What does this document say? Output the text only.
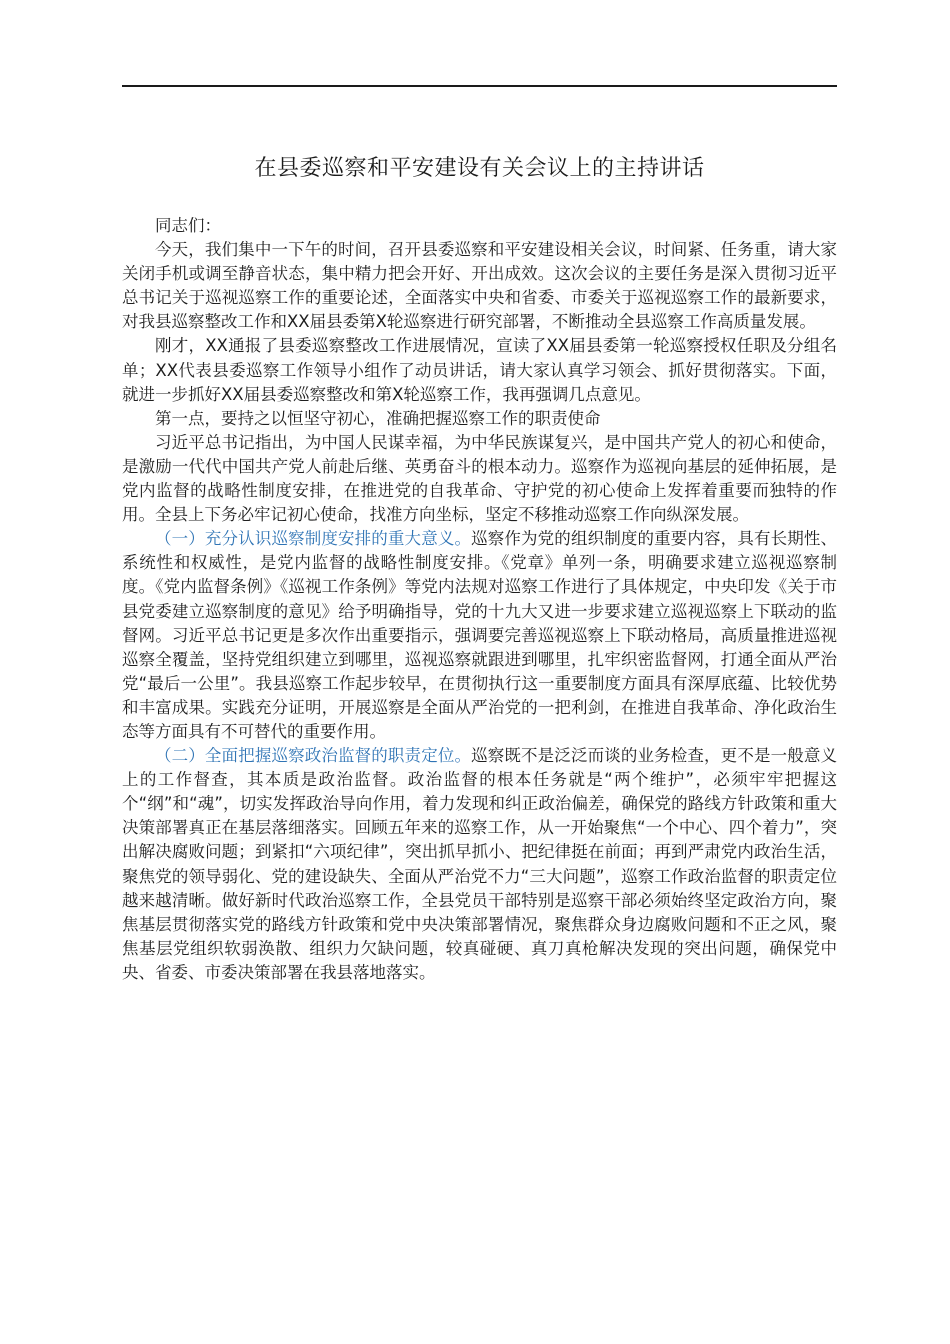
在县委巡察和平安建设有关会议上的主持讲话

同志们：

今天，我们集中一下午的时间，召开县委巡察和平安建设相关会议，时间紧、任务重，请大家关闭手机或调至静音状态，集中精力把会开好、开出成效。这次会议的主要任务是深入贯彻习近平总书记关于巡视巡察工作的重要论述，全面落实中央和省委、市委关于巡视巡察工作的最新要求，对我县巡察整改工作和XX届县委第X轮巡察进行研究部署，不断推动全县巡察工作高质量发展。

刚才，XX通报了县委巡察整改工作进展情况，宣读了XX届县委第一轮巡察授权任职及分组名单；XX代表县委巡察工作领导小组作了动员讲话，请大家认真学习领会、抓好贯彻落实。下面，就进一步抓好XX届县委巡察整改和第X轮巡察工作，我再强调几点意见。

第一点，要持之以恒坚守初心，准确把握巡察工作的职责使命

习近平总书记指出，为中国人民谋幸福，为中华民族谋复兴，是中国共产党人的初心和使命，是激励一代代中国共产党人前赴后继、英勇奋斗的根本动力。巡察作为巡视向基层的延伸拓展，是党内监督的战略性制度安排，在推进党的自我革命、守护党的初心使命上发挥着重要而独特的作用。全县上下务必牢记初心使命，找准方向坐标，坚定不移推动巡察工作向纵深发展。

（一）充分认识巡察制度安排的重大意义。巡察作为党的组织制度的重要内容，具有长期性、系统性和权威性，是党内监督的战略性制度安排。《党章》单列一条，明确要求建立巡视巡察制度。《党内监督条例》《巡视工作条例》等党内法规对巡察工作进行了具体规定，中央印发《关于市县党委建立巡察制度的意见》给予明确指导，党的十九大又进一步要求建立巡视巡察上下联动的监督网。习近平总书记更是多次作出重要指示，强调要完善巡视巡察上下联动格局，高质量推进巡视巡察全覆盖，坚持党组织建立到哪里，巡视巡察就跟进到哪里，扎牢织密监督网，打通全面从严治党“最后一公里”。我县巡察工作起步较早，在贯彻执行这一重要制度方面具有深厚底蕴、比较优势和丰富成果。实践充分证明，开展巡察是全面从严治党的一把利剑，在推进自我革命、净化政治生态等方面具有不可替代的重要作用。

（二）全面把握巡察政治监督的职责定位。巡察既不是泛泛而谈的业务检查，更不是一般意义上的工作督查，其本质是政治监督。政治监督的根本任务就是“两个维护”，必须牢牢把握这个“纲”和“魂”，切实发挥政治导向作用，着力发现和纠正政治偏差，确保党的路线方针政策和重大决策部署真正在基层落细落实。回顾五年来的巡察工作，从一开始聚焦“一个中心、四个着力”，突出解决腐败问题；到紧扣“六项纪律”，突出抓早抓小、把纪律挺在前面；再到严肃党内政治生活，聚焦党的领导弱化、党的建设缺失、全面从严治党不力“三大问题”，巡察工作政治监督的职责定位越来越清晰。做好新时代政治巡察工作，全县党员干部特别是巡察干部必须始终坚定政治方向，聚焦基层贯彻落实党的路线方针政策和党中央决策部署情况，聚焦群众身边腐败问题和不正之风，聚焦基层党组织软弱涣散、组织力欠缺问题，较真碰硬、真刀真枪解决发现的突出问题，确保党中央、省委、市委决策部署在我县落地落实。
